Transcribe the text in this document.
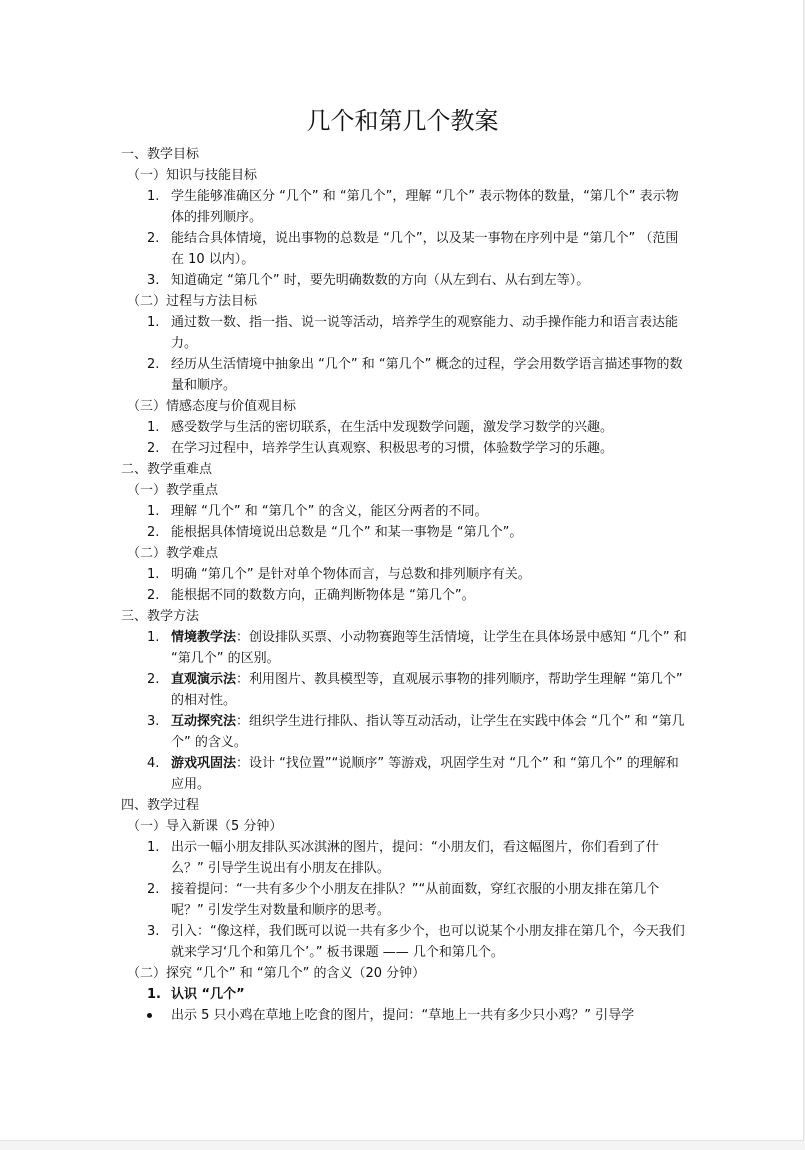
几个和第几个教案
一、教学目标
（一）知识与技能目标
1. 学生能够准确区分 “几个” 和 “第几个”，理解 “几个” 表示物体的数量，“第几个” 表示物体的排列顺序。
2. 能结合具体情境，说出事物的总数是 “几个”，以及某一事物在序列中是 “第几个” （范围在 10 以内）。
3. 知道确定 “第几个” 时，要先明确数数的方向（从左到右、从右到左等）。
（二）过程与方法目标
1. 通过数一数、指一指、说一说等活动，培养学生的观察能力、动手操作能力和语言表达能力。
2. 经历从生活情境中抽象出 “几个” 和 “第几个” 概念的过程，学会用数学语言描述事物的数量和顺序。
（三）情感态度与价值观目标
1. 感受数学与生活的密切联系，在生活中发现数学问题，激发学习数学的兴趣。
2. 在学习过程中，培养学生认真观察、积极思考的习惯，体验数学学习的乐趣。
二、教学重难点
（一）教学重点
1. 理解 “几个” 和 “第几个” 的含义，能区分两者的不同。
2. 能根据具体情境说出总数是 “几个” 和某一事物是 “第几个”。
（二）教学难点
1. 明确 “第几个” 是针对单个物体而言，与总数和排列顺序有关。
2. 能根据不同的数数方向，正确判断物体是 “第几个”。
三、教学方法
1. 情境教学法：创设排队买票、小动物赛跑等生活情境，让学生在具体场景中感知 “几个” 和 “第几个” 的区别。
2. 直观演示法：利用图片、教具模型等，直观展示事物的排列顺序，帮助学生理解 “第几个” 的相对性。
3. 互动探究法：组织学生进行排队、指认等互动活动，让学生在实践中体会 “几个” 和 “第几个” 的含义。
4. 游戏巩固法：设计 “找位置”“说顺序” 等游戏，巩固学生对 “几个” 和 “第几个” 的理解和应用。
四、教学过程
（一）导入新课（5 分钟）
1. 出示一幅小朋友排队买冰淇淋的图片，提问：“小朋友们，看这幅图片，你们看到了什么？” 引导学生说出有小朋友在排队。
2. 接着提问：“一共有多少个小朋友在排队？”“从前面数，穿红衣服的小朋友排在第几个呢？” 引发学生对数量和顺序的思考。
3. 引入：“像这样，我们既可以说一共有多少个，也可以说某个小朋友排在第几个，今天我们就来学习‘几个和第几个’。” 板书课题 —— 几个和第几个。
（二）探究 “几个” 和 “第几个” 的含义（20 分钟）
1. 认识 “几个”
出示 5 只小鸡在草地上吃食的图片，提问：“草地上一共有多少只小鸡？” 引导学
